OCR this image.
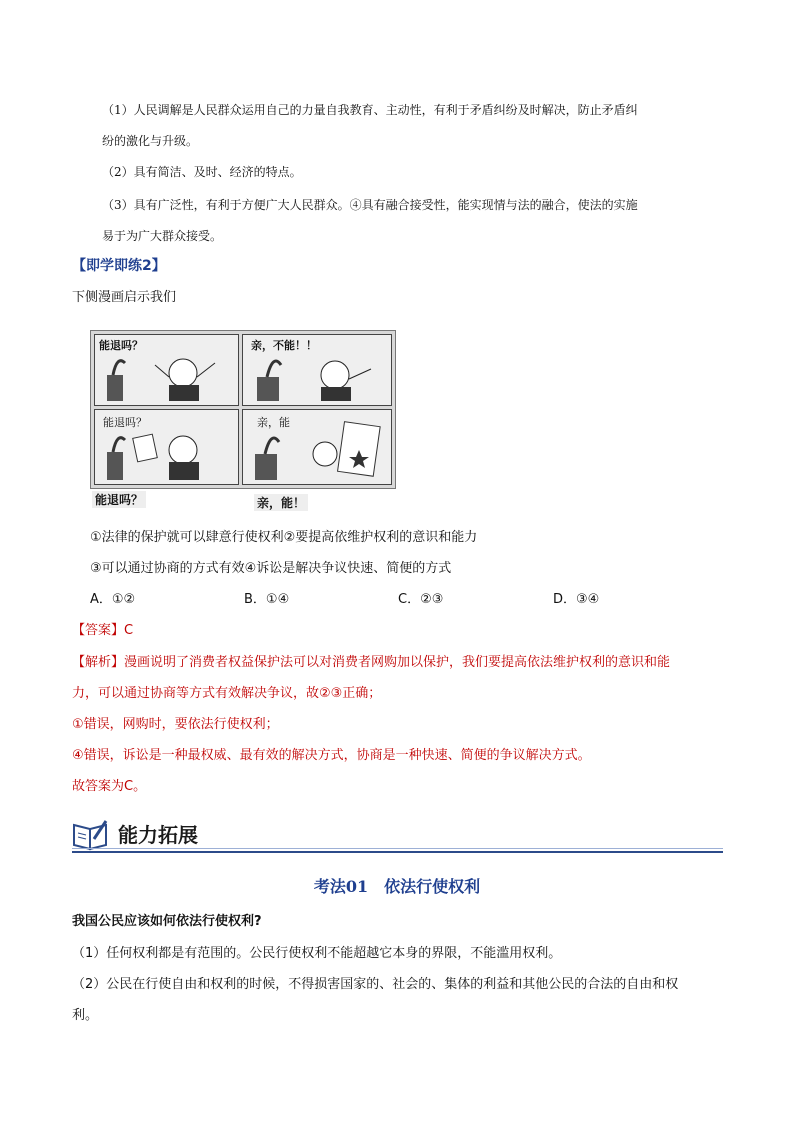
（1）人民调解是人民群众运用自己的力量自我教育、主动性，有利于矛盾纠纷及时解决，防止矛盾纠
纷的激化与升级。
（2）具有简洁、及时、经济的特点。
（3）具有广泛性，有利于方便广大人民群众。④具有融合接受性，能实现情与法的融合，使法的实施
易于为广大群众接受。
【即学即练2】
下侧漫画启示我们
能退吗？	亲，不能！！
能退吗？	亲，能
能退吗？	亲，能！
①法律的保护就可以肆意行使权利②要提高依维护权利的意识和能力
③可以通过协商的方式有效④诉讼是解决争议快速、简便的方式
A．①②	B．①④	C．②③	D．③④
【答案】C
【解析】漫画说明了消费者权益保护法可以对消费者网购加以保护，我们要提高依法维护权利的意识和能
力，可以通过协商等方式有效解决争议，故②③正确；
①错误，网购时，要依法行使权利；
④错误，诉讼是一种最权威、最有效的解决方式，协商是一种快速、简便的争议解决方式。
故答案为C。
能力拓展
考法01　依法行使权利
我国公民应该如何依法行使权利?
（1）任何权利都是有范围的。公民行使权利不能超越它本身的界限，不能滥用权利。
（2）公民在行使自由和权利的时候，不得损害国家的、社会的、集体的利益和其他公民的合法的自由和权
利。
